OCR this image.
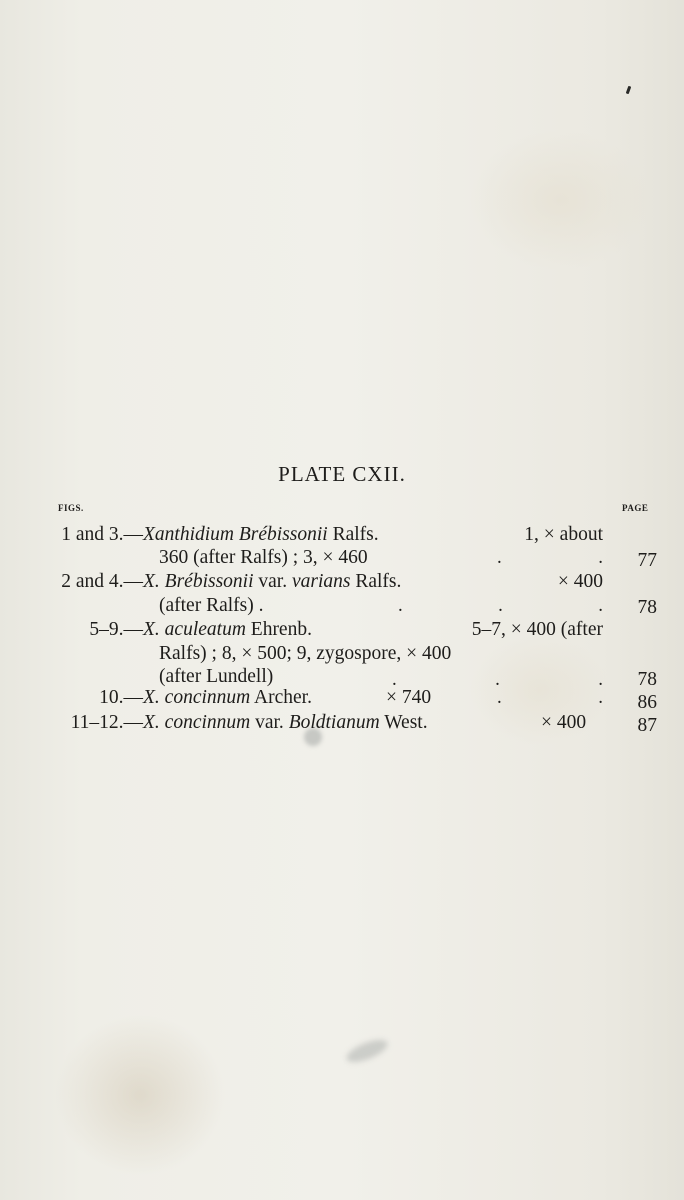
PLATE CXII.
FIGS.	PAGE
1 and 3.— Xanthidium Brébissonii Ralfs.	1, × about
360 (after Ralfs) ; 3, × 460	.	. 77
2 and 4.— X. Brébissonii var. varians Ralfs.	× 400
(after Ralfs) .	.	.	. 78
5–9.— X. aculeatum Ehrenb.	5–7, × 400 (after
Ralfs) ; 8, × 500; 9, zygospore, × 400
(after Lundell)	.	.	. 78
10.— X. concinnum Archer.	× 740	.	. 86
11–12.— X. concinnum var. Boldtianum West.	× 400	87
